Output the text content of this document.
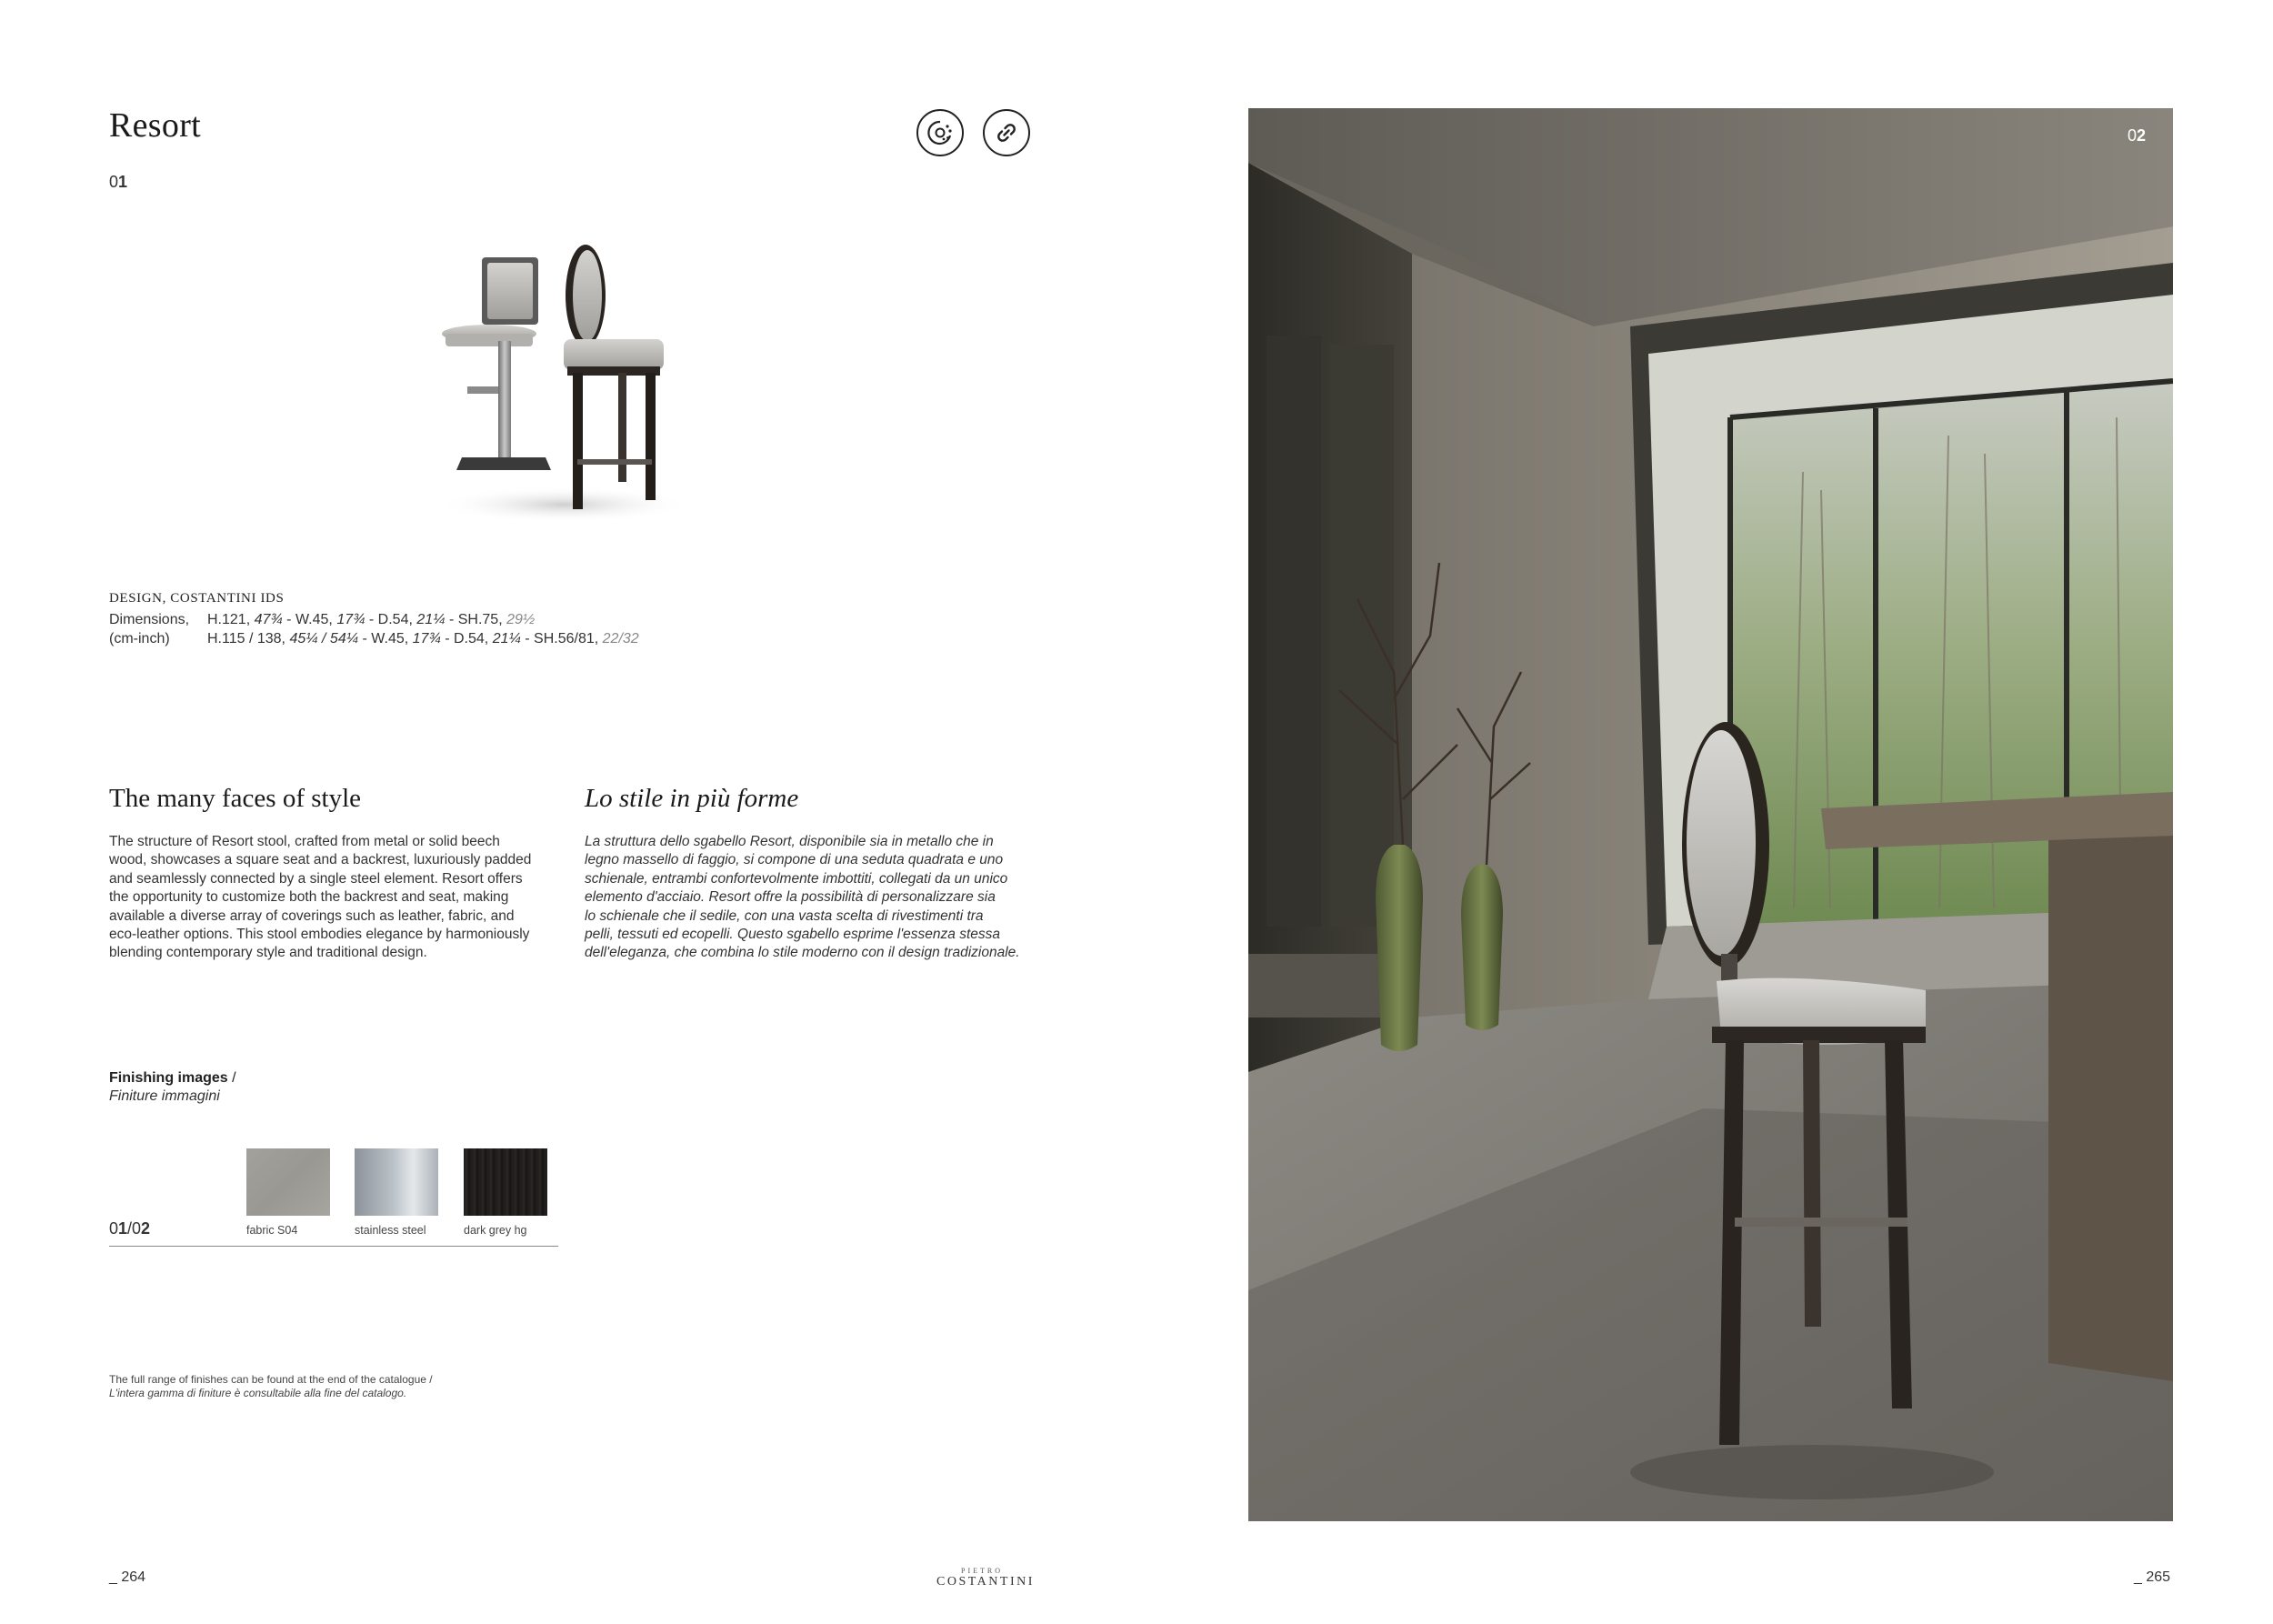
Resort
01
DESIGN, COSTANTINI IDS
Dimensions, H.121, 47¾ - W.45, 17¾ - D.54, 21¼ - SH.75, 29½
(cm-inch)	H.115 / 138, 45¼ / 54¼ - W.45, 17¾ - D.54, 21¼ - SH.56/81, 22/32
The many faces of style	Lo stile in più forme
The structure of Resort stool, crafted from metal or solid beech
wood, showcases a square seat and a backrest, luxuriously padded
and seamlessly connected by a single steel element. Resort offers
the opportunity to customize both the backrest and seat, making
available a diverse array of coverings such as leather, fabric, and
eco-leather options. This stool embodies elegance by harmoniously
blending contemporary style and traditional design.
La struttura dello sgabello Resort, disponibile sia in metallo che in
legno massello di faggio, si compone di una seduta quadrata e uno
schienale, entrambi confortevolmente imbottiti, collegati da un unico
elemento d'acciaio. Resort offre la possibilità di personalizzare sia
lo schienale che il sedile, con una vasta scelta di rivestimenti tra
pelli, tessuti ed ecopelli. Questo sgabello esprime l'essenza stessa
dell'eleganza, che combina lo stile moderno con il design tradizionale.
Finishing images /
Finiture immagini
fabric S04	stainless steel	dark grey hg
01/02
The full range of finishes can be found at the end of the catalogue /
L'intera gamma di finiture è consultabile alla fine del catalogo.
_ 264	PIETRO
COSTANTINI	_ 265
02
